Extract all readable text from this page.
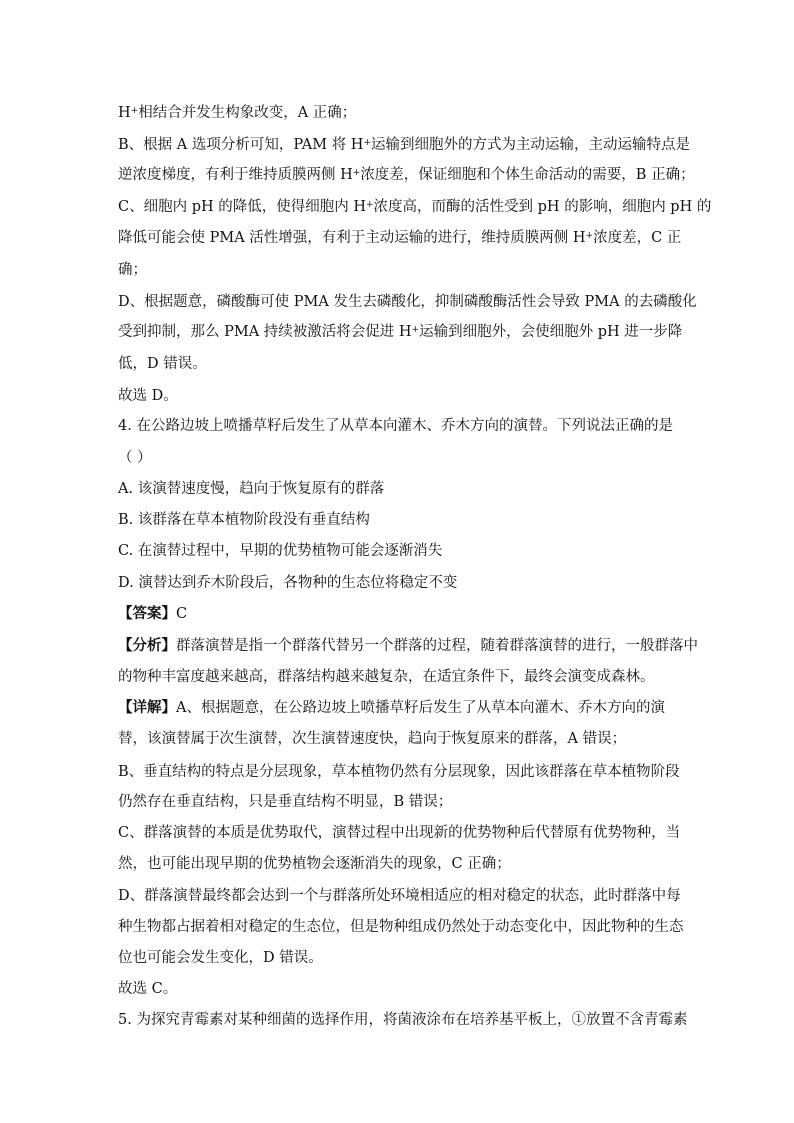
H+相结合并发生构象改变，A 正确；
B、根据 A 选项分析可知，PAM 将 H+运输到细胞外的方式为主动运输，主动运输特点是
逆浓度梯度，有利于维持质膜两侧 H+浓度差，保证细胞和个体生命活动的需要，B 正确；
C、细胞内 pH 的降低，使得细胞内 H+浓度高，而酶的活性受到 pH 的影响，细胞内 pH 的
降低可能会使 PMA 活性增强，有利于主动运输的进行，维持质膜两侧 H+浓度差，C 正
确；
D、根据题意，磷酸酶可使 PMA 发生去磷酸化，抑制磷酸酶活性会导致 PMA 的去磷酸化
受到抑制，那么 PMA 持续被激活将会促进 H+运输到细胞外，会使细胞外 pH 进一步降
低，D 错误。
故选 D。
4. 在公路边坡上喷播草籽后发生了从草本向灌木、乔木方向的演替。下列说法正确的是
（ ）
A. 该演替速度慢，趋向于恢复原有的群落
B. 该群落在草本植物阶段没有垂直结构
C. 在演替过程中，早期的优势植物可能会逐渐消失
D. 演替达到乔木阶段后，各物种的生态位将稳定不变
【答案】C
【分析】群落演替是指一个群落代替另一个群落的过程，随着群落演替的进行，一般群落中
的物种丰富度越来越高，群落结构越来越复杂，在适宜条件下，最终会演变成森林。
【详解】A、根据题意，在公路边坡上喷播草籽后发生了从草本向灌木、乔木方向的演
替，该演替属于次生演替，次生演替速度快，趋向于恢复原来的群落，A 错误；
B、垂直结构的特点是分层现象，草本植物仍然有分层现象，因此该群落在草本植物阶段
仍然存在垂直结构，只是垂直结构不明显，B 错误；
C、群落演替的本质是优势取代，演替过程中出现新的优势物种后代替原有优势物种，当
然，也可能出现早期的优势植物会逐渐消失的现象，C 正确；
D、群落演替最终都会达到一个与群落所处环境相适应的相对稳定的状态，此时群落中每
种生物都占据着相对稳定的生态位，但是物种组成仍然处于动态变化中，因此物种的生态
位也可能会发生变化，D 错误。
故选 C。
5. 为探究青霉素对某种细菌的选择作用，将菌液涂布在培养基平板上，①放置不含青霉素
